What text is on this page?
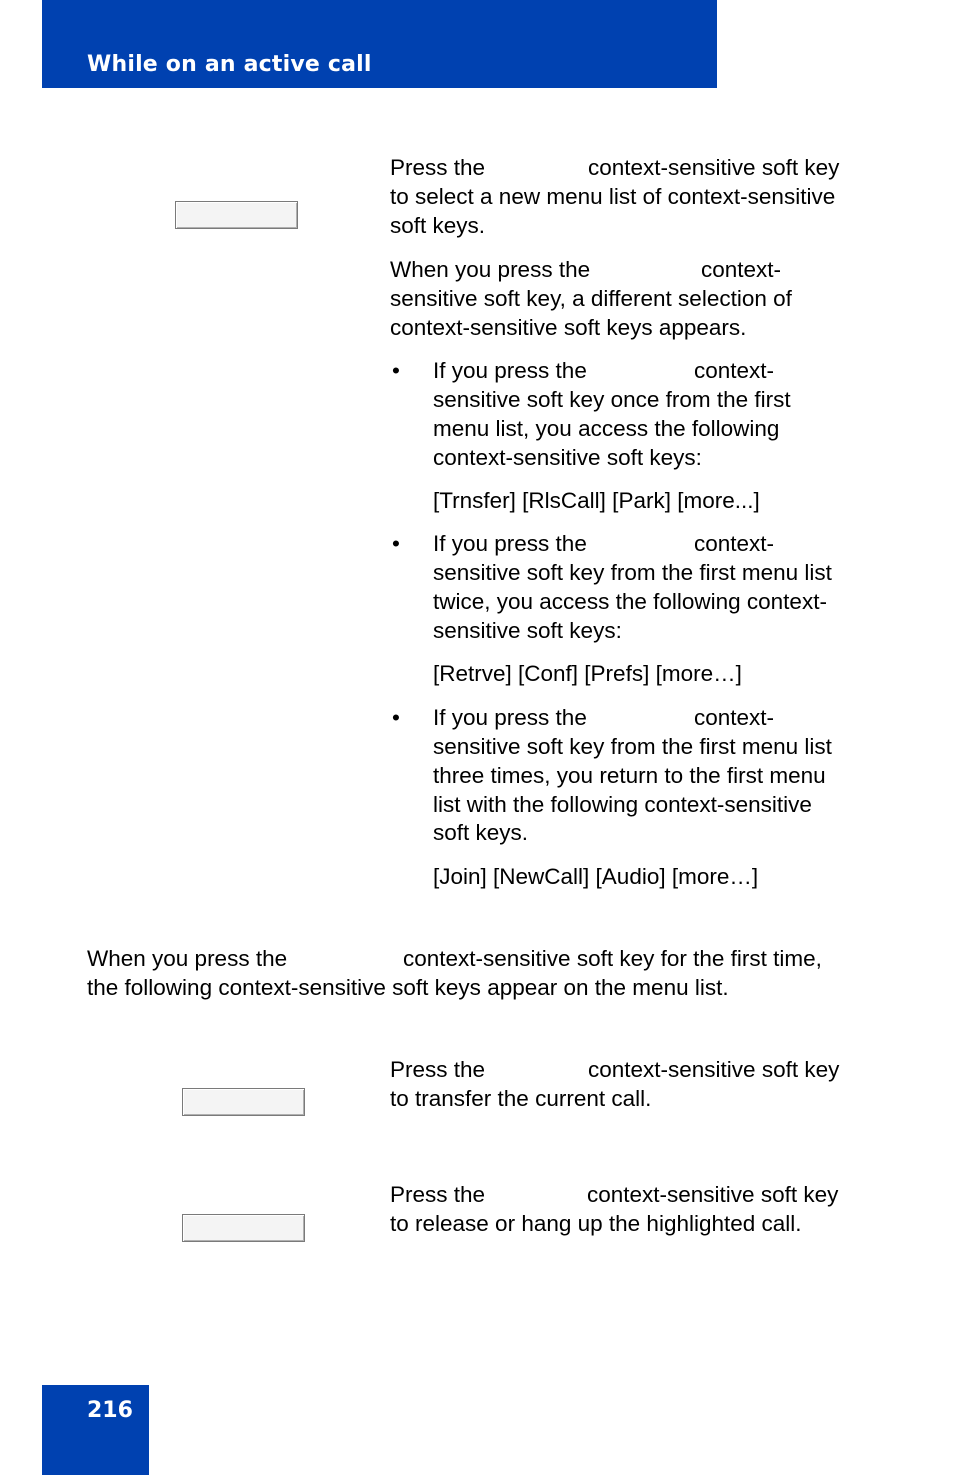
While on an active call
Press the	context-sensitive soft key
to select a new menu list of context-sensitive
soft keys.
When you press the	context-
sensitive soft key, a different selection of
context-sensitive soft keys appears.
• If you press the	context-
sensitive soft key once from the first
menu list, you access the following
context-sensitive soft keys:
[Trnsfer] [RlsCall] [Park] [more...]
• If you press the	context-
sensitive soft key from the first menu list
twice, you access the following context-
sensitive soft keys:
[Retrve] [Conf] [Prefs] [more…]
• If you press the	context-
sensitive soft key from the first menu list
three times, you return to the first menu
list with the following context-sensitive
soft keys.
[Join] [NewCall] [Audio] [more…]
When you press the	context-sensitive soft key for the first time,
the following context-sensitive soft keys appear on the menu list.
Press the	context-sensitive soft key
to transfer the current call.
Press the	context-sensitive soft key
to release or hang up the highlighted call.
216
